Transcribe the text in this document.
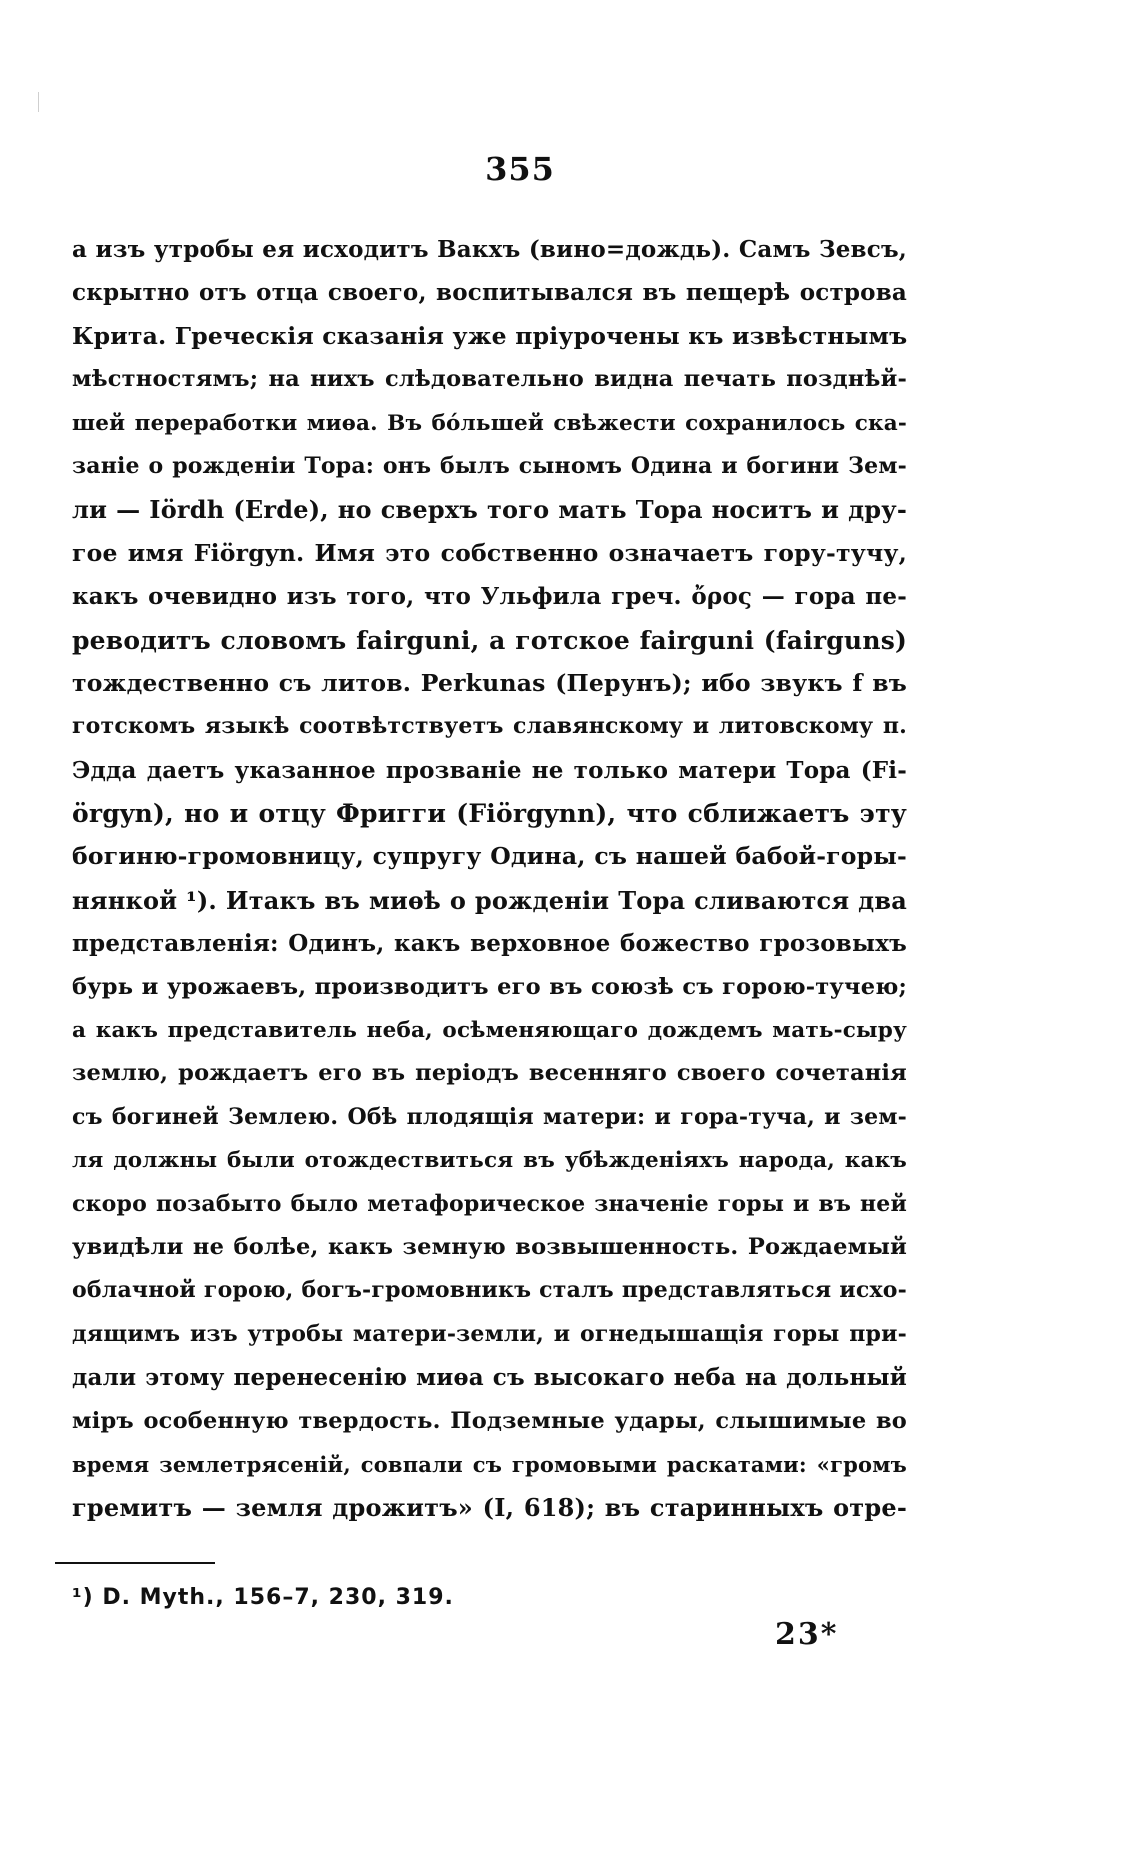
355
а изъ утробы ея исходитъ Вакхъ (вино=дождь). Самъ Зевсъ,
скрытно отъ отца своего, воспитывался въ пещерѣ острова
Крита. Греческія сказанія уже пріурочены къ извѣстнымъ
мѣстностямъ; на нихъ слѣдовательно видна печать позднѣй-
шей переработки миѳа. Въ бóльшей свѣжести сохранилось ска-
заніе о рожденіи Тора: онъ былъ сыномъ Одина и богини Зем-
ли — Iördh (Erde), но сверхъ того мать Тора носитъ и дру-
гое имя Fiörgyn. Имя это собственно означаетъ гору-тучу,
какъ очевидно изъ того, что Ульфила греч. ὄρος — гора пе-
реводитъ словомъ fairguni, а готское fairguni (fairguns)
тождественно съ литов. Perkunas (Перунъ); ибо звукъ f въ
готскомъ языкѣ соотвѣтствуетъ славянскому и литовскому п.
Эдда даетъ указанное прозваніе не только матери Тора (Fi-
örgyn), но и отцу Фригги (Fiörgynn), что сближаетъ эту
богиню-громовницу, супругу Одина, съ нашей бабой-горы-
нянкой ¹). Итакъ въ миѳѣ о рожденіи Тора сливаются два
представленія: Одинъ, какъ верховное божество грозовыхъ
бурь и урожаевъ, производитъ его въ союзѣ съ горою-тучею;
а какъ представитель неба, осѣменяющаго дождемъ мать-сыру
землю, рождаетъ его въ періодъ весенняго своего сочетанія
съ богиней Землею. Обѣ плодящія матери: и гора-туча, и зем-
ля должны были отождествиться въ убѣжденіяхъ народа, какъ
скоро позабыто было метафорическое значеніе горы и въ ней
увидѣли не болѣе, какъ земную возвышенность. Рождаемый
облачной горою, богъ-громовникъ сталъ представляться исхо-
дящимъ изъ утробы матери-земли, и огнедышащія горы при-
дали этому перенесенію миѳа съ высокаго неба на дольный
міръ особенную твердость. Подземные удары, слышимые во
время землетрясеній, совпали съ громовыми раскатами: «громъ
гремитъ — земля дрожитъ» (I, 618); въ старинныхъ отре-
¹) D. Myth., 156–7, 230, 319.
23*
